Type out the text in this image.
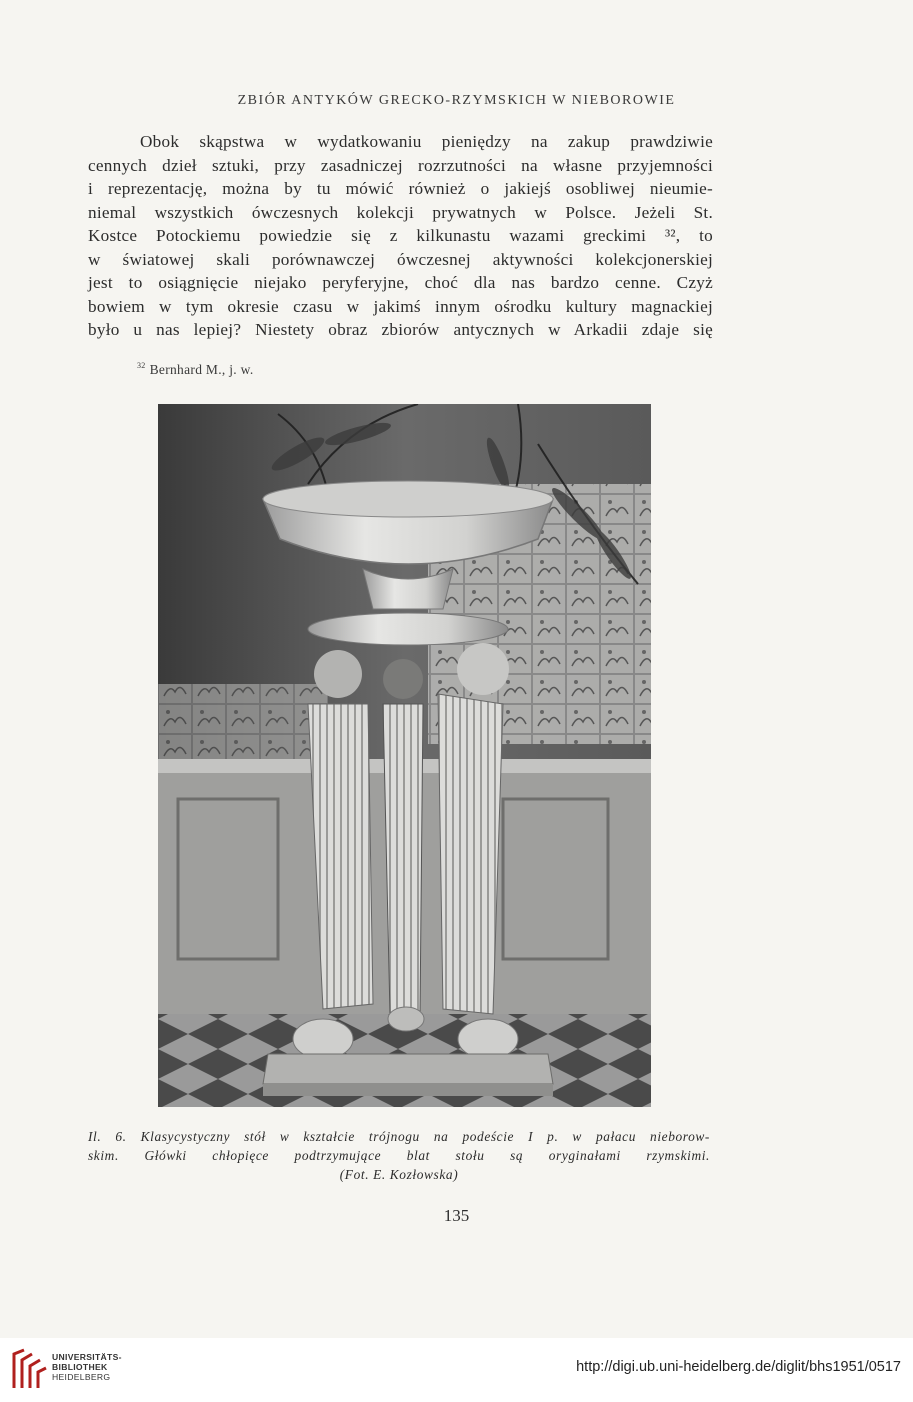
ZBIÓR ANTYKÓW GRECKO-RZYMSKICH W NIEBOROWIE
Obok skąpstwa w wydatkowaniu pieniędzy na zakup prawdziwie
cennych dzieł sztuki, przy zasadniczej rozrzutności na własne przyjemności
i reprezentację, można by tu mówić również o jakiejś osobliwej nieumie-
niemal wszystkich ówczesnych kolekcji prywatnych w Polsce. Jeżeli St.
Kostce Potockiemu powiedzie się z kilkunastu wazami greckimi ³², to
w światowej skali porównawczej ówczesnej aktywności kolekcjonerskiej
jest to osiągnięcie niejako peryferyjne, choć dla nas bardzo cenne. Czyż
bowiem w tym okresie czasu w jakimś innym ośrodku kultury magnackiej
było u nas lepiej? Niestety obraz zbiorów antycznych w Arkadii zdaje się
$^{32}$ Bernhard M., j. w.
Il. 6. Klasycystyczny stół w kształcie trójnogu na podeście I p. w pałacu nieborow-
skim. Główki chłopięce podtrzymujące blat stołu są oryginałami rzymskimi.
(Fot. E. Kozłowska)
135
UNIVERSITÄTS-
BIBLIOTHEK
HEIDELBERG
http://digi.ub.uni-heidelberg.de/diglit/bhs1951/0517
